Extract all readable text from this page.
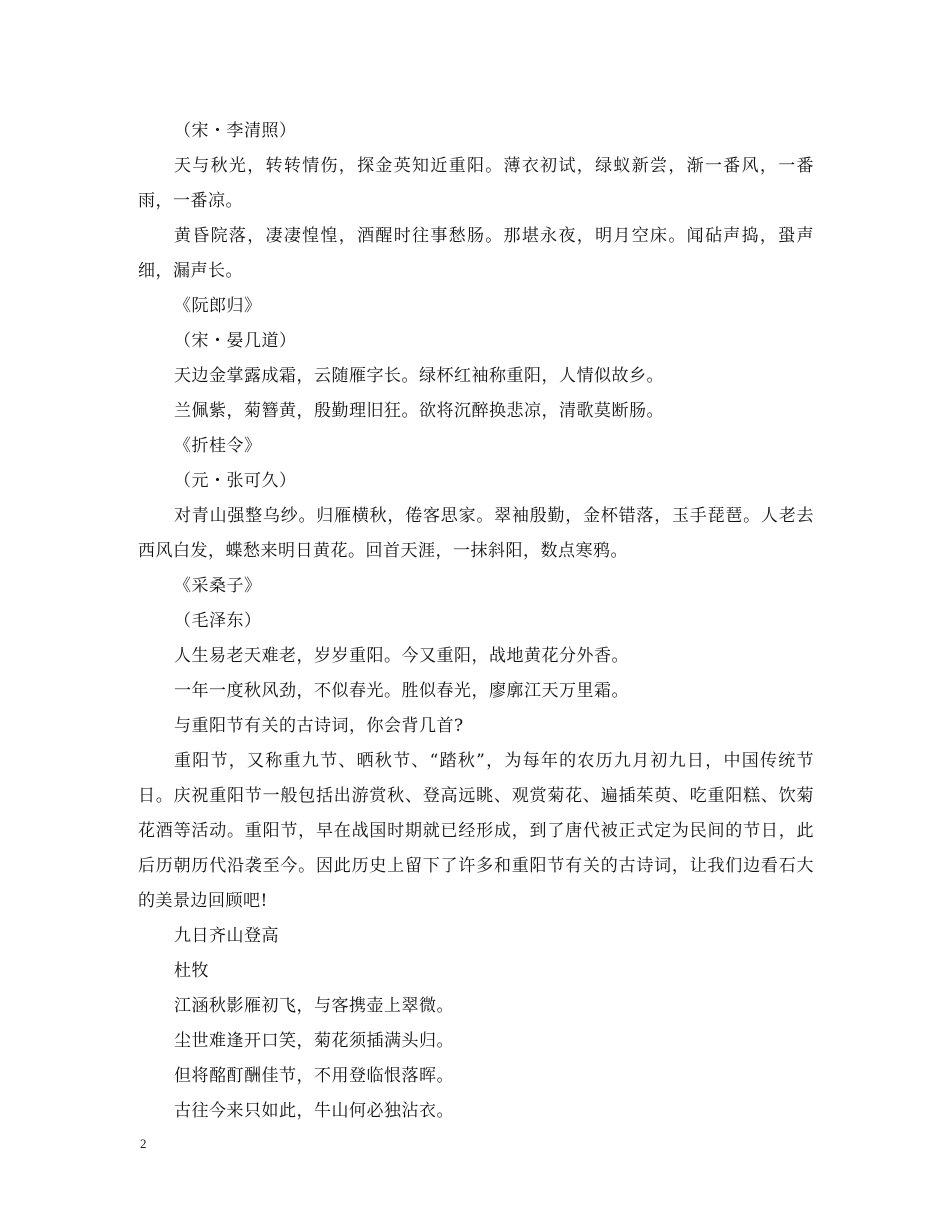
（宋・李清照）

天与秋光，转转情伤，探金英知近重阳。薄衣初试，绿蚁新尝，渐一番风，一番雨，一番凉。

黄昏院落，凄凄惶惶，酒醒时往事愁肠。那堪永夜，明月空床。闻砧声捣，蛩声细，漏声长。

《阮郎归》

（宋・晏几道）

天边金掌露成霜，云随雁字长。绿杯红袖称重阳，人情似故乡。

兰佩紫，菊簪黄，殷勤理旧狂。欲将沉醉换悲凉，清歌莫断肠。

《折桂令》

（元・张可久）

对青山强整乌纱。归雁横秋，倦客思家。翠袖殷勤，金杯错落，玉手琵琶。人老去西风白发，蝶愁来明日黄花。回首天涯，一抹斜阳，数点寒鸦。

《采桑子》

（毛泽东）

人生易老天难老，岁岁重阳。今又重阳，战地黄花分外香。

一年一度秋风劲，不似春光。胜似春光，廖廓江天万里霜。

与重阳节有关的古诗词，你会背几首?

重阳节，又称重九节、晒秋节、“踏秋”，为每年的农历九月初九日，中国传统节日。庆祝重阳节一般包括出游赏秋、登高远眺、观赏菊花、遍插茱萸、吃重阳糕、饮菊花酒等活动。重阳节，早在战国时期就已经形成，到了唐代被正式定为民间的节日，此后历朝历代沿袭至今。因此历史上留下了许多和重阳节有关的古诗词，让我们边看石大的美景边回顾吧!

九日齐山登高

杜牧

江涵秋影雁初飞，与客携壶上翠微。

尘世难逢开口笑，菊花须插满头归。

但将酩酊酬佳节，不用登临恨落晖。

古往今来只如此，牛山何必独沾衣。

2
